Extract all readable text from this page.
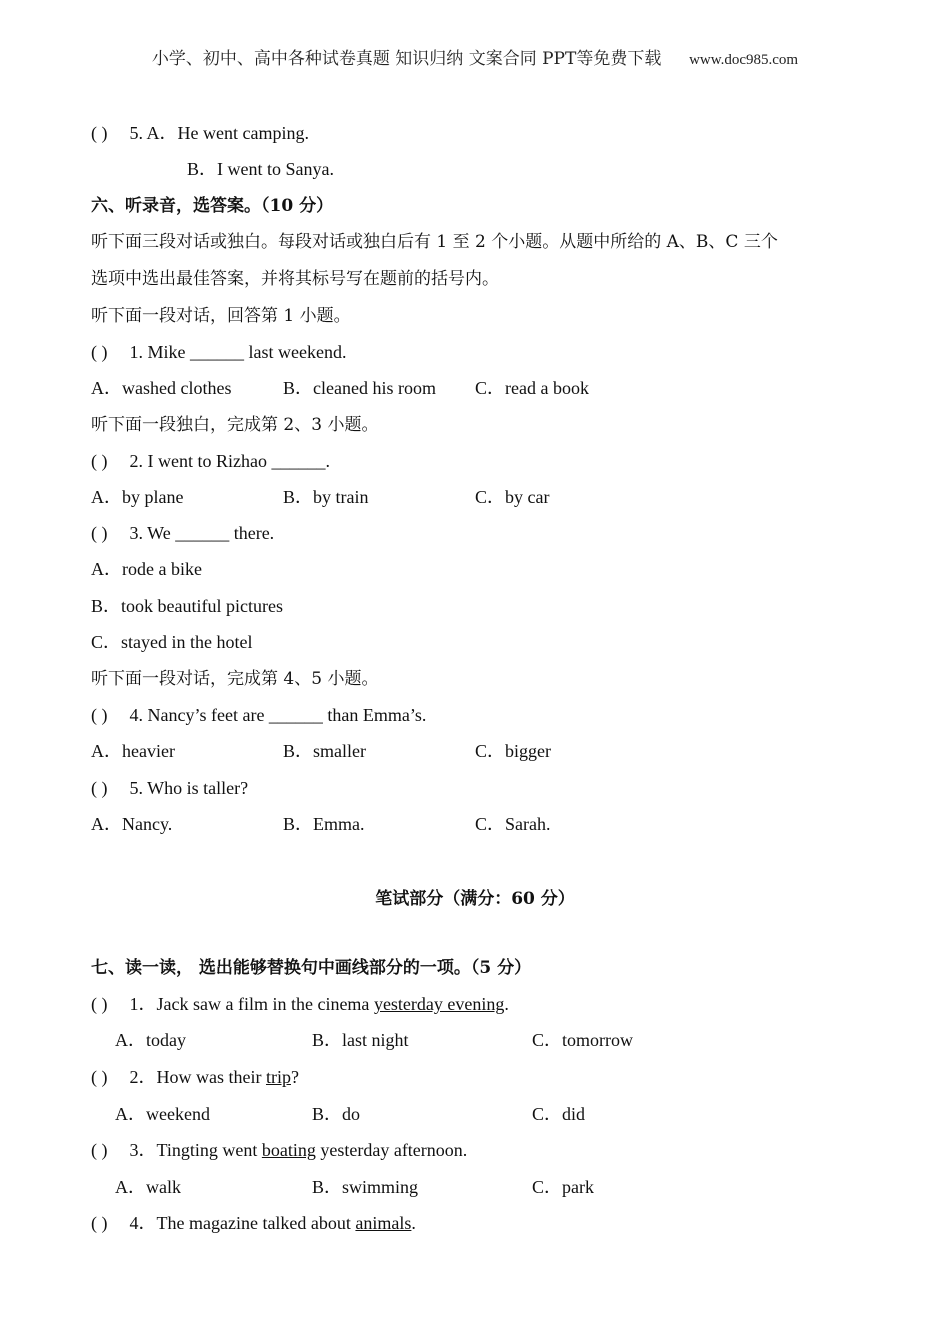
小学、初中、高中各种试卷真题 知识归纳 文案合同 PPT等免费下载 www.doc985.com
( ) 5. A．He went camping.
B．I went to Sanya.
六、听录音，选答案。（10 分）
听下面三段对话或独白。每段对话或独白后有 1 至 2 个小题。从题中所给的 A、B、C 三个
选项中选出最佳答案，并将其标号写在题前的括号内。
听下面一段对话，回答第 1 小题。
( ) 1. Mike ______ last weekend.
A．washed clothes	B．cleaned his room C．read a book
听下面一段独白，完成第 2、3 小题。
( ) 2. I went to Rizhao ______.
A．by plane	B．by train	C．by car
( ) 3. We ______ there.
A．rode a bike
B．took beautiful pictures
C．stayed in the hotel
听下面一段对话，完成第 4、5 小题。
( ) 4. Nancy’s feet are ______ than Emma’s.
A．heavier	B．smaller	C．bigger
( ) 5. Who is taller?
A．Nancy.	B．Emma.	C．Sarah.
笔试部分（满分：60 分）
七、读一读， 选出能够替换句中画线部分的一项。（5 分）
( ) 1．Jack saw a film in the cinema yesterday evening.
A．today	B．last night	C．tomorrow
( ) 2．How was their trip?
A．weekend	B．do	C．did
( ) 3．Tingting went boating yesterday afternoon.
A．walk	B．swimming	C．park
( ) 4．The magazine talked about animals.
